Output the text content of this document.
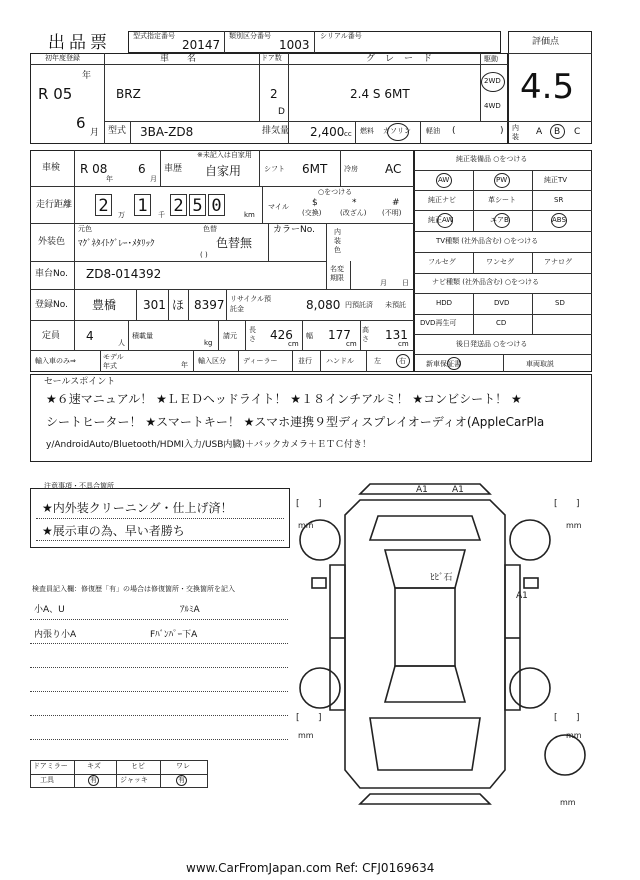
出品票	型式指定番号
20147
類別区分番号
1003
シリアル番号
評価点
4.5
初年度登録
年
R 05
6
月
車名
BRZ
ドア数
2
D
グレード
2.4 S 6MT
駆動
2WD
4WD
型式 3BA-ZD8	排気量 2,400 cc 燃料 ガソリン 軽油 (	) 内装	A B C
車検 R 08
年
6
月
車歴
※未記入は自家用
自家用	シフト 6MT 冷房 AC
走行距離 2	万 1	千 2 5 0	km
マイル
○をつける
$
(交換)
*
(改ざん)
#
(不明)
外装色
元色
ﾏｸﾞﾈﾀｲﾄｸﾞﾚｰ･ﾒﾀﾘｯｸ
色替
色替無
( )
カラーNo.	内装色
車台No. ZD8-014392	名変期限
月 日
登録No. 豊橋 301 ほ 8397 リサイクル預託金	8,080 円預託済 未預託
定員 4	人
積載量
kg
請元
長さ 426
cm
幅 177
cm
高さ 131
cm
輸入車のみ⇒	モデル年式	年 輸入区分 ディーラー	並行 ハンドル	左	右
純正装備品 ○をつける
AW	PW	純正TV
純正ナビ	革シート	SR
純正AW	エアB	ABS
TV種類 (社外品含む) ○をつける
フルセグ	ワンセグ	アナログ
ナビ種類 (社外品含む) ○をつける
HDD	DVD	SD
DVD再生可	CD
後日発送品 ○をつける
新車保証書	車両取説
セールスポイント
★６速マニュアル！ ★ＬＥＤヘッドライト！ ★１８インチアルミ！ ★コンビシート！ ★
シートヒーター！ ★スマートキー！ ★スマホ連携９型ディスプレイオーディオ(AppleCarPla
y/AndroidAuto/Bluetooth/HDMI入力/USB内臓)＋バックカメラ＋ＥＴＣ付き！
注意事項・不具合箇所
★内外装クリーニング・仕上げ済！
★展示車の為、早い者勝ち
検査員記入欄：修復歴「有」の場合は修復箇所・交換箇所を記入
小A、U	ｱﾙﾐA
内張り小A	Fﾊﾞﾝﾊﾟｰ下A
ドアミラー	キズ	ヒビ	ワレ
工具	有	ジャッキ	有
[ ]	[ ]
[ ]	[ ]
mm	mm
mm	mm
mm
A1	A1
ﾋﾋﾞ石
A1
www.CarFromJapan.com Ref: CFJ0169634
